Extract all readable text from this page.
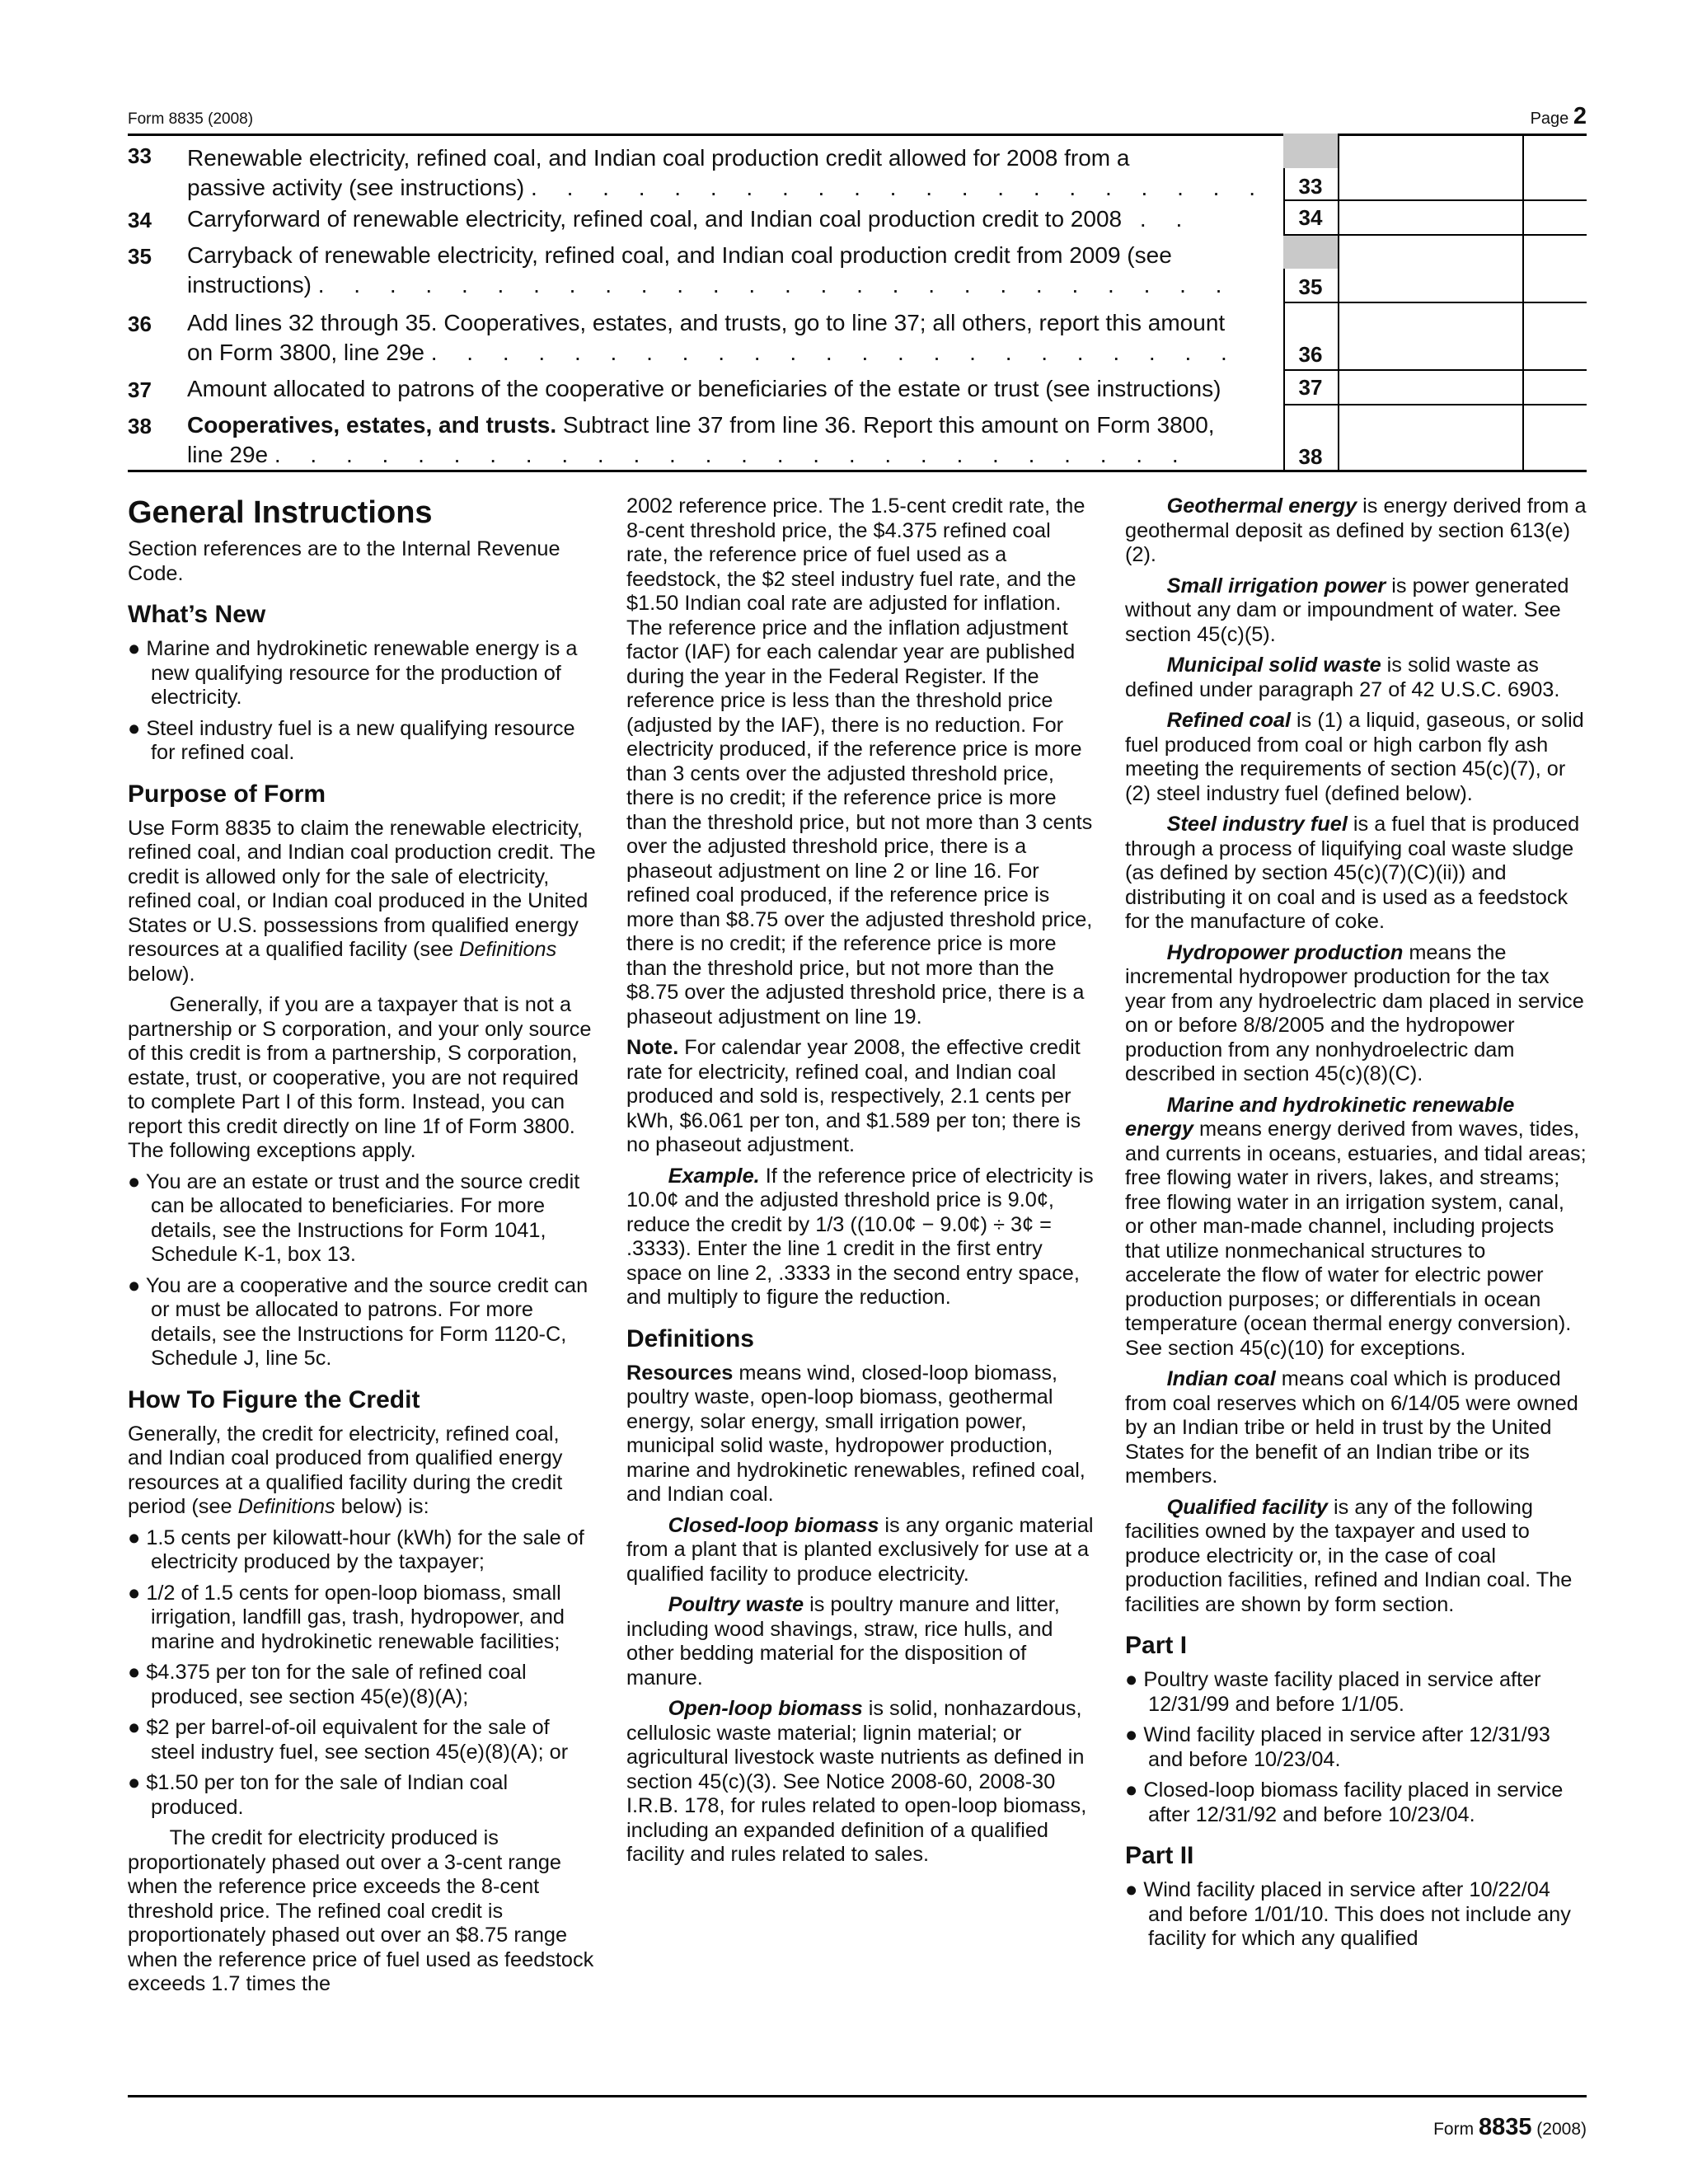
Form 8835 (2008)	Page 2
33 Renewable electricity, refined coal, and Indian coal production credit allowed for 2008 from a
passive activity (see instructions) . . . . . . . . . . . . . . . . . . . . .
34 Carryforward of renewable electricity, refined coal, and Indian coal production credit to 2008 . .
35 Carryback of renewable electricity, refined coal, and Indian coal production credit from 2009 (see
instructions) . . . . . . . . . . . . . . . . . . . . . . . . . .
36 Add lines 32 through 35. Cooperatives, estates, and trusts, go to line 37; all others, report this amount
on Form 3800, line 29e . . . . . . . . . . . . . . . . . . . . . . .
37 Amount allocated to patrons of the cooperative or beneficiaries of the estate or trust (see instructions)
38 Cooperatives, estates, and trusts. Subtract line 37 from line 36. Report this amount on Form 3800,
line 29e . . . . . . . . . . . . . . . . . . . . . . . . . .
33
34
35
36
37
38
General Instructions

Section references are to the Internal Revenue Code.

What’s New

● Marine and hydrokinetic renewable energy is a new qualifying resource for the production of electricity.

● Steel industry fuel is a new qualifying resource for refined coal.

Purpose of Form

Use Form 8835 to claim the renewable electricity, refined coal, and Indian coal production credit. The credit is allowed only for the sale of electricity, refined coal, or Indian coal produced in the United States or U.S. possessions from qualified energy resources at a qualified facility (see Definitions below).

Generally, if you are a taxpayer that is not a partnership or S corporation, and your only source of this credit is from a partnership, S corporation, estate, trust, or cooperative, you are not required to complete Part I of this form. Instead, you can report this credit directly on line 1f of Form 3800. The following exceptions apply.

● You are an estate or trust and the source credit can be allocated to beneficiaries. For more details, see the Instructions for Form 1041, Schedule K-1, box 13.

● You are a cooperative and the source credit can or must be allocated to patrons. For more details, see the Instructions for Form 1120-C, Schedule J, line 5c.

How To Figure the Credit

Generally, the credit for electricity, refined coal, and Indian coal produced from qualified energy resources at a qualified facility during the credit period (see Definitions below) is:

● 1.5 cents per kilowatt-hour (kWh) for the sale of electricity produced by the taxpayer;

● 1/2 of 1.5 cents for open-loop biomass, small irrigation, landfill gas, trash, hydropower, and marine and hydrokinetic renewable facilities;

● $4.375 per ton for the sale of refined coal produced, see section 45(e)(8)(A);

● $2 per barrel-of-oil equivalent for the sale of steel industry fuel, see section 45(e)(8)(A); or

● $1.50 per ton for the sale of Indian coal produced.

The credit for electricity produced is proportionately phased out over a 3-cent range when the reference price exceeds the 8-cent threshold price. The refined coal credit is proportionately phased out over an $8.75 range when the reference price of fuel used as feedstock exceeds 1.7 times the

2002 reference price. The 1.5-cent credit rate, the 8-cent threshold price, the $4.375 refined coal rate, the reference price of fuel used as a feedstock, the $2 steel industry fuel rate, and the $1.50 Indian coal rate are adjusted for inflation. The reference price and the inflation adjustment factor (IAF) for each calendar year are published during the year in the Federal Register. If the reference price is less than the threshold price (adjusted by the IAF), there is no reduction. For electricity produced, if the reference price is more than 3 cents over the adjusted threshold price, there is no credit; if the reference price is more than the threshold price, but not more than 3 cents over the adjusted threshold price, there is a phaseout adjustment on line 2 or line 16. For refined coal produced, if the reference price is more than $8.75 over the adjusted threshold price, there is no credit; if the reference price is more than the threshold price, but not more than the $8.75 over the adjusted threshold price, there is a phaseout adjustment on line 19.

Note. For calendar year 2008, the effective credit rate for electricity, refined coal, and Indian coal produced and sold is, respectively, 2.1 cents per kWh, $6.061 per ton, and $1.589 per ton; there is no phaseout adjustment.

Example. If the reference price of electricity is 10.0¢ and the adjusted threshold price is 9.0¢, reduce the credit by 1/3 ((10.0¢ − 9.0¢) ÷ 3¢ = .3333). Enter the line 1 credit in the first entry space on line 2, .3333 in the second entry space, and multiply to figure the reduction.

Definitions

Resources means wind, closed-loop biomass, poultry waste, open-loop biomass, geothermal energy, solar energy, small irrigation power, municipal solid waste, hydropower production, marine and hydrokinetic renewables, refined coal, and Indian coal.

Closed-loop biomass is any organic material from a plant that is planted exclusively for use at a qualified facility to produce electricity.

Poultry waste is poultry manure and litter, including wood shavings, straw, rice hulls, and other bedding material for the disposition of manure.

Open-loop biomass is solid, nonhazardous, cellulosic waste material; lignin material; or agricultural livestock waste nutrients as defined in section 45(c)(3). See Notice 2008-60, 2008-30 I.R.B. 178, for rules related to open-loop biomass, including an expanded definition of a qualified facility and rules related to sales.

Geothermal energy is energy derived from a geothermal deposit as defined by section 613(e)(2).

Small irrigation power is power generated without any dam or impoundment of water. See section 45(c)(5).

Municipal solid waste is solid waste as defined under paragraph 27 of 42 U.S.C. 6903.

Refined coal is (1) a liquid, gaseous, or solid fuel produced from coal or high carbon fly ash meeting the requirements of section 45(c)(7), or (2) steel industry fuel (defined below).

Steel industry fuel is a fuel that is produced through a process of liquifying coal waste sludge (as defined by section 45(c)(7)(C)(ii)) and distributing it on coal and is used as a feedstock for the manufacture of coke.

Hydropower production means the incremental hydropower production for the tax year from any hydroelectric dam placed in service on or before 8/8/2005 and the hydropower production from any nonhydroelectric dam described in section 45(c)(8)(C).

Marine and hydrokinetic renewable energy means energy derived from waves, tides, and currents in oceans, estuaries, and tidal areas; free flowing water in rivers, lakes, and streams; free flowing water in an irrigation system, canal, or other man-made channel, including projects that utilize nonmechanical structures to accelerate the flow of water for electric power production purposes; or differentials in ocean temperature (ocean thermal energy conversion). See section 45(c)(10) for exceptions.

Indian coal means coal which is produced from coal reserves which on 6/14/05 were owned by an Indian tribe or held in trust by the United States for the benefit of an Indian tribe or its members.

Qualified facility is any of the following facilities owned by the taxpayer and used to produce electricity or, in the case of coal production facilities, refined and Indian coal. The facilities are shown by form section.

Part I

● Poultry waste facility placed in service after 12/31/99 and before 1/1/05.

● Wind facility placed in service after 12/31/93 and before 10/23/04.

● Closed-loop biomass facility placed in service after 12/31/92 and before 10/23/04.

Part II

● Wind facility placed in service after 10/22/04 and before 1/01/10. This does not include any facility for which any qualified

Form 8835 (2008)
